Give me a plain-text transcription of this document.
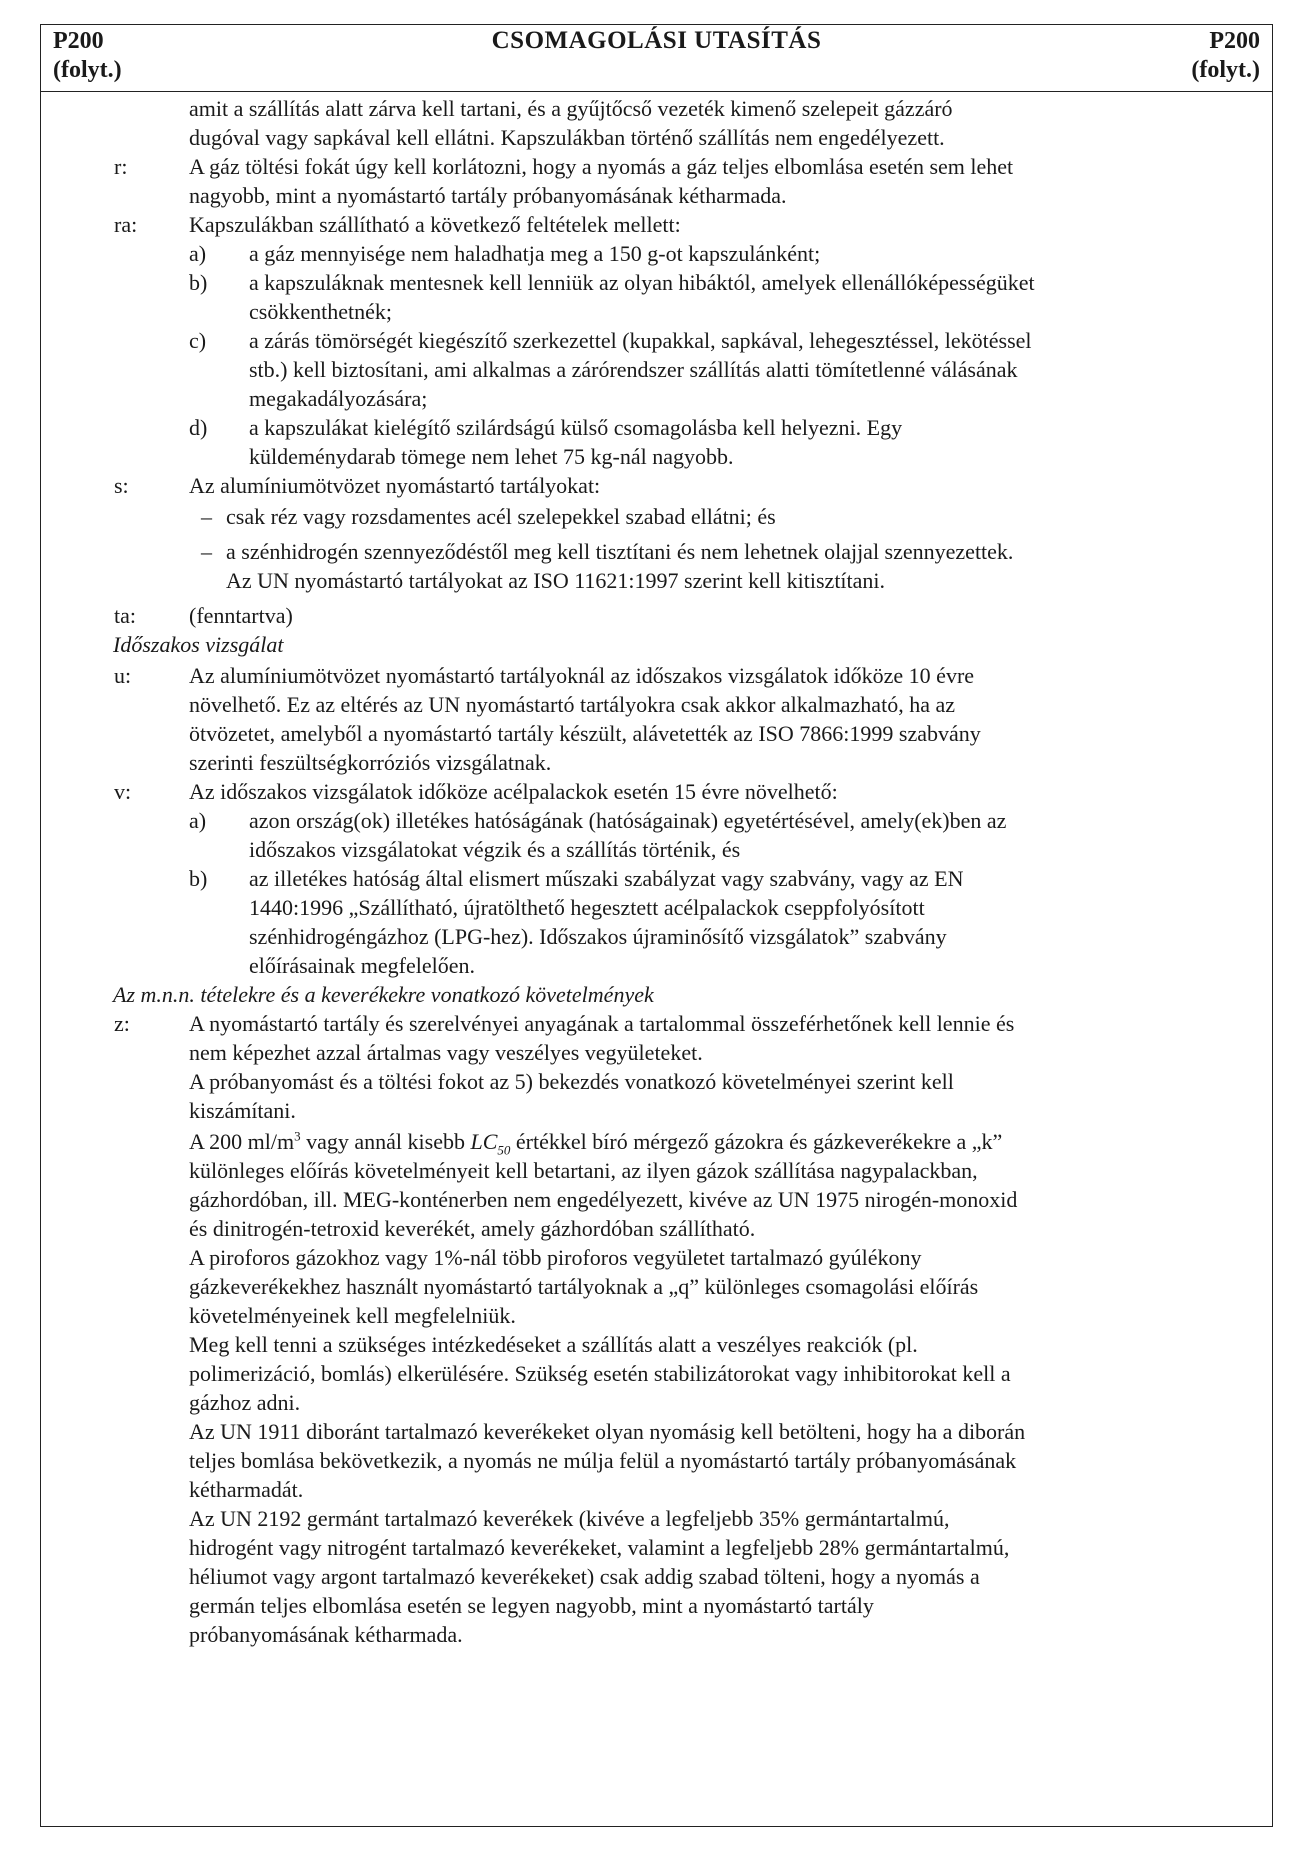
P200
(folyt.)
CSOMAGOLÁSI UTASÍTÁS	P200
(folyt.)
amit a szállítás alatt zárva kell tartani, és a gyűjtőcső vezeték kimenő szelepeit gázzáró
dugóval vagy sapkával kell ellátni. Kapszulákban történő szállítás nem engedélyezett.
r:	A gáz töltési fokát úgy kell korlátozni, hogy a nyomás a gáz teljes elbomlása esetén sem lehet
nagyobb, mint a nyomástartó tartály próbanyomásának kétharmada.
ra: Kapszulákban szállítható a következő feltételek mellett:
a) a gáz mennyisége nem haladhatja meg a 150 g-ot kapszulánként;
b) a kapszuláknak mentesnek kell lenniük az olyan hibáktól, amelyek ellenállóképességüket
csökkenthetnék;
c) a zárás tömörségét kiegészítő szerkezettel (kupakkal, sapkával, lehegesztéssel, lekötéssel
stb.) kell biztosítani, ami alkalmas a zárórendszer szállítás alatti tömítetlenné válásának
megakadályozására;
d) a kapszulákat kielégítő szilárdságú külső csomagolásba kell helyezni. Egy
küldeménydarab tömege nem lehet 75 kg-nál nagyobb.
s:	Az alumíniumötvözet nyomástartó tartályokat:
– csak réz vagy rozsdamentes acél szelepekkel szabad ellátni; és
– a szénhidrogén szennyeződéstől meg kell tisztítani és nem lehetnek olajjal szennyezettek.
Az UN nyomástartó tartályokat az ISO 11621:1997 szerint kell kitisztítani.
ta: (fenntartva)
Időszakos vizsgálat
u:	Az alumíniumötvözet nyomástartó tartályoknál az időszakos vizsgálatok időköze 10 évre
növelhető. Ez az eltérés az UN nyomástartó tartályokra csak akkor alkalmazható, ha az
ötvözetet, amelyből a nyomástartó tartály készült, alávetették az ISO 7866:1999 szabvány
szerinti feszültségkorróziós vizsgálatnak.
v:	Az időszakos vizsgálatok időköze acélpalackok esetén 15 évre növelhető:
a) azon ország(ok) illetékes hatóságának (hatóságainak) egyetértésével, amely(ek)ben az
időszakos vizsgálatokat végzik és a szállítás történik, és
b) az illetékes hatóság által elismert műszaki szabályzat vagy szabvány, vagy az EN
1440:1996 „Szállítható, újratölthető hegesztett acélpalackok cseppfolyósított
szénhidrogéngázhoz (LPG-hez). Időszakos újraminősítő vizsgálatok” szabvány
előírásainak megfelelően.
Az m.n.n. tételekre és a keverékekre vonatkozó követelmények
z:	A nyomástartó tartály és szerelvényei anyagának a tartalommal összeférhetőnek kell lennie és
nem képezhet azzal ártalmas vagy veszélyes vegyületeket.
A próbanyomást és a töltési fokot az 5) bekezdés vonatkozó követelményei szerint kell
kiszámítani.
A 200 $ml/m^3$ vagy annál kisebb $LC_{50}$ értékkel bíró mérgező gázokra és gázkeverékekre a „k”
különleges előírás követelményeit kell betartani, az ilyen gázok szállítása nagypalackban,
gázhordóban, ill. MEG-konténerben nem engedélyezett, kivéve az UN 1975 nirogén-monoxid
és dinitrogén-tetroxid keverékét, amely gázhordóban szállítható.
A piroforos gázokhoz vagy 1%-nál több piroforos vegyületet tartalmazó gyúlékony
gázkeverékekhez használt nyomástartó tartályoknak a „q” különleges csomagolási előírás
követelményeinek kell megfelelniük.
Meg kell tenni a szükséges intézkedéseket a szállítás alatt a veszélyes reakciók (pl.
polimerizáció, bomlás) elkerülésére. Szükség esetén stabilizátorokat vagy inhibitorokat kell a
gázhoz adni.
Az UN 1911 diboránt tartalmazó keverékeket olyan nyomásig kell betölteni, hogy ha a diborán
teljes bomlása bekövetkezik, a nyomás ne múlja felül a nyomástartó tartály próbanyomásának
kétharmadát.
Az UN 2192 germánt tartalmazó keverékek (kivéve a legfeljebb 35% germántartalmú,
hidrogént vagy nitrogént tartalmazó keverékeket, valamint a legfeljebb 28% germántartalmú,
héliumot vagy argont tartalmazó keverékeket) csak addig szabad tölteni, hogy a nyomás a
germán teljes elbomlása esetén se legyen nagyobb, mint a nyomástartó tartály
próbanyomásának kétharmada.
